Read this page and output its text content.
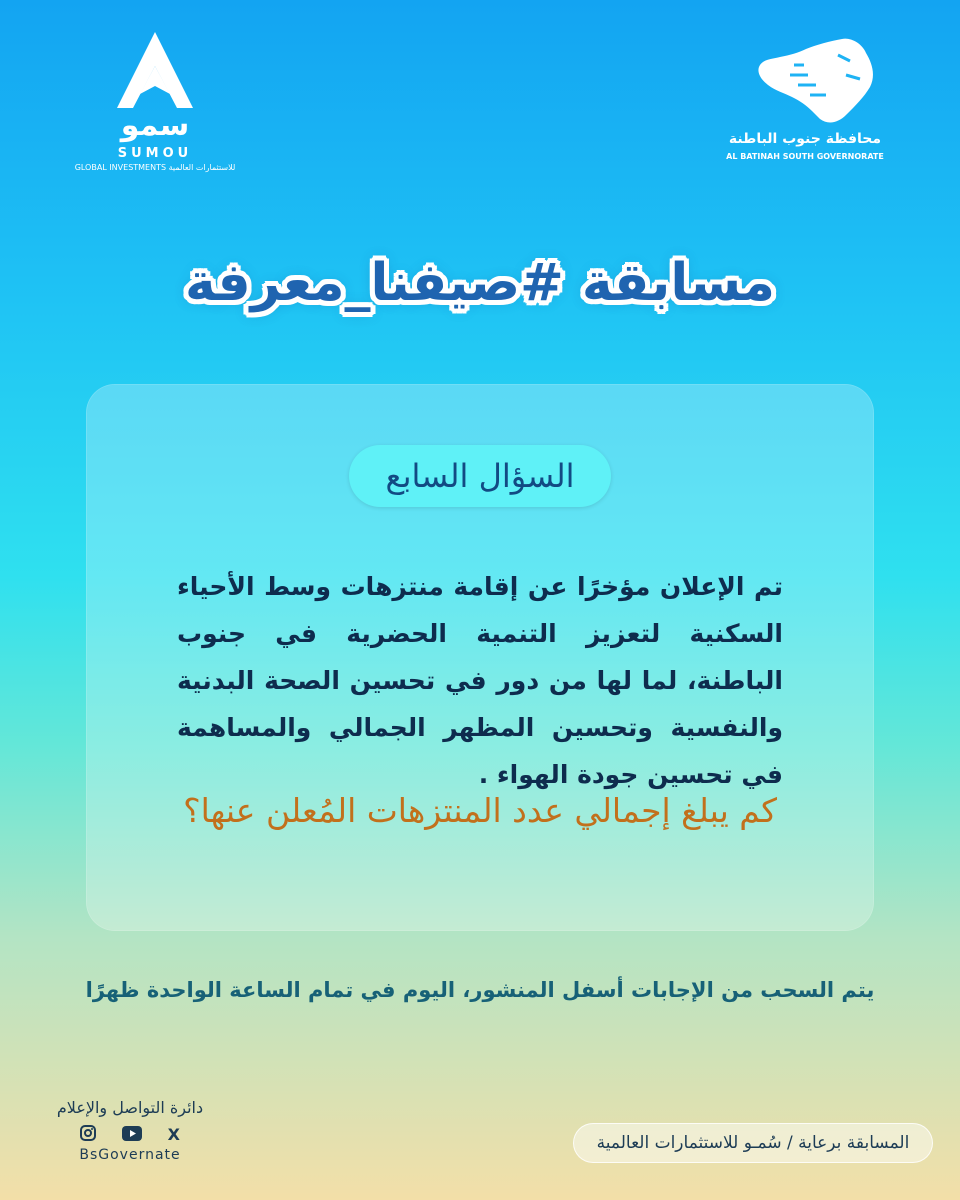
سمو
SUMOU
GLOBAL INVESTMENTS للاستثمارات العالمية
محافظة جنوب الباطنة
AL BATINAH SOUTH GOVERNORATE
مسابقة #صيفنا_معرفة
السؤال السابع
تم الإعلان مؤخرًا عن إقامة منتزهات وسط الأحياء السكنية لتعزيز التنمية الحضرية في جنوب الباطنة، لما لها من دور في تحسين الصحة البدنية والنفسية وتحسين المظهر الجمالي والمساهمة في تحسين جودة الهواء .
كم يبلغ إجمالي عدد المنتزهات المُعلن عنها؟
يتم السحب من الإجابات أسفل المنشور، اليوم في تمام الساعة الواحدة ظهرًا
دائرة التواصل والإعلام
X
BsGovernate
المسابقة برعاية / سُمـو للاستثمارات العالمية
